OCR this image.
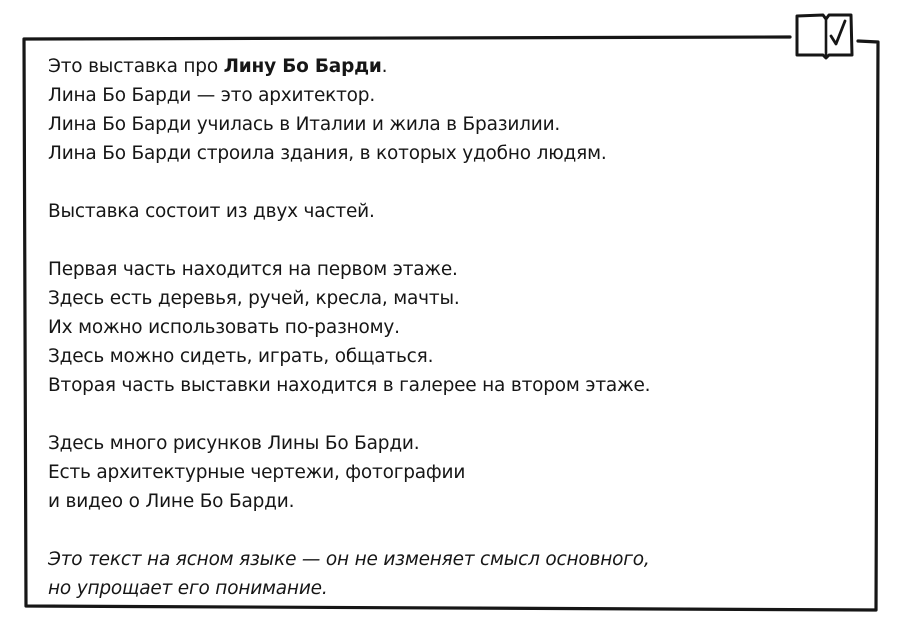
Это выставка про Лину Бо Барди.
Лина Бо Барди — это архитектор.
Лина Бо Барди училась в Италии и жила в Бразилии.
Лина Бо Барди строила здания, в которых удобно людям.
Выставка состоит из двух частей.
Первая часть находится на первом этаже.
Здесь есть деревья, ручей, кресла, мачты.
Их можно использовать по-разному.
Здесь можно сидеть, играть, общаться.
Вторая часть выставки находится в галерее на втором этаже.
Здесь много рисунков Лины Бо Барди.
Есть архитектурные чертежи, фотографии
и видео о Лине Бо Барди.
Это текст на ясном языке — он не изменяет смысл основного,
но упрощает его понимание.
